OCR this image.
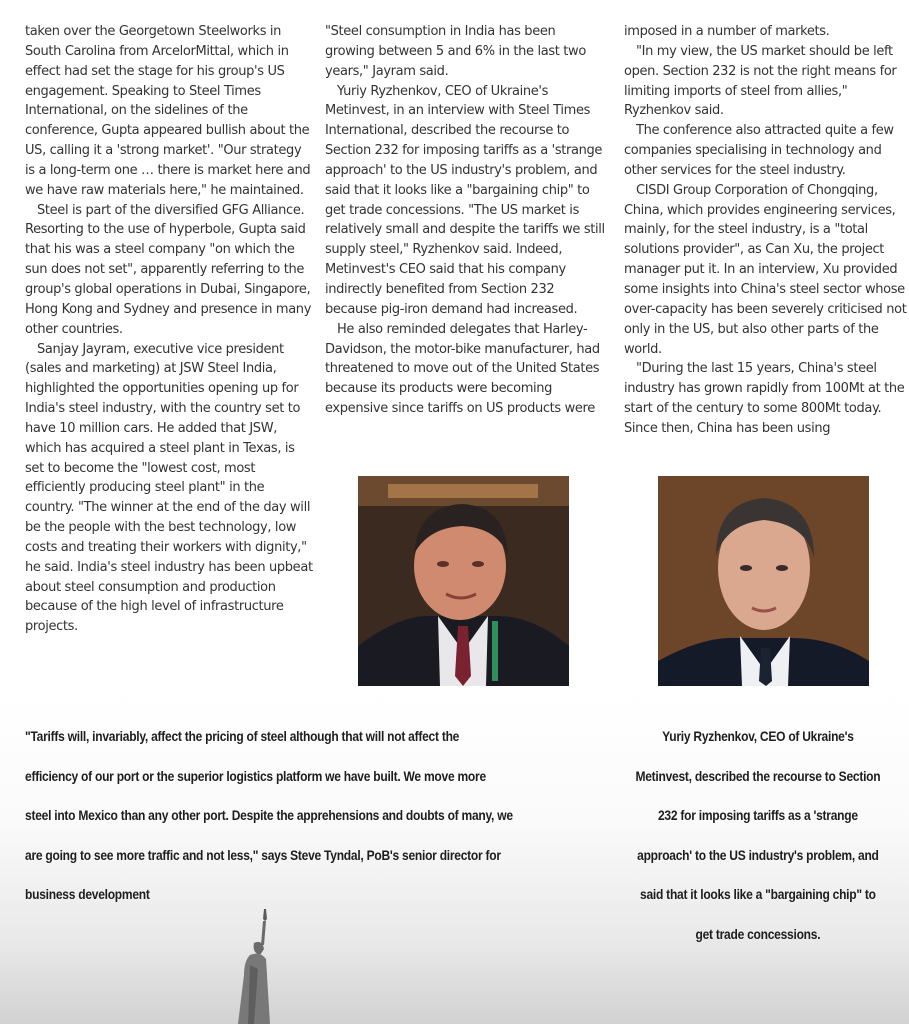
taken over the Georgetown Steelworks in South Carolina from ArcelorMittal, which in effect had set the stage for his group's US engagement. Speaking to Steel Times International, on the sidelines of the conference, Gupta appeared bullish about the US, calling it a 'strong market'. "Our strategy is a long-term one … there is market here and we have raw materials here," he maintained.

Steel is part of the diversified GFG Alliance. Resorting to the use of hyperbole, Gupta said that his was a steel company "on which the sun does not set", apparently referring to the group's global operations in Dubai, Singapore, Hong Kong and Sydney and presence in many other countries.

Sanjay Jayram, executive vice president (sales and marketing) at JSW Steel India, highlighted the opportunities opening up for India's steel industry, with the country set to have 10 million cars. He added that JSW, which has acquired a steel plant in Texas, is set to become the "lowest cost, most efficiently producing steel plant" in the country. "The winner at the end of the day will be the people with the best technology, low costs and treating their workers with dignity," he said. India's steel industry has been upbeat about steel consumption and production because of the high level of infrastructure projects.

"Steel consumption in India has been growing between 5 and 6% in the last two years," Jayram said.

Yuriy Ryzhenkov, CEO of Ukraine's Metinvest, in an interview with Steel Times International, described the recourse to Section 232 for imposing tariffs as a 'strange approach' to the US industry's problem, and said that it looks like a "bargaining chip" to get trade concessions. "The US market is relatively small and despite the tariffs we still supply steel," Ryzhenkov said. Indeed, Metinvest's CEO said that his company indirectly benefited from Section 232 because pig-iron demand had increased.

He also reminded delegates that Harley-Davidson, the motor-bike manufacturer, had threatened to move out of the United States because its products were becoming expensive since tariffs on US products were

imposed in a number of markets.

"In my view, the US market should be left open. Section 232 is not the right means for limiting imports of steel from allies," Ryzhenkov said.

The conference also attracted quite a few companies specialising in technology and other services for the steel industry.

CISDI Group Corporation of Chongqing, China, which provides engineering services, mainly, for the steel industry, is a "total solutions provider", as Can Xu, the project manager put it. In an interview, Xu provided some insights into China's steel sector whose over-capacity has been severely criticised not only in the US, but also other parts of the world.

"During the last 15 years, China's steel industry has grown rapidly from 100Mt at the start of the century to some 800Mt today. Since then, China has been using

"Tariffs will, invariably, affect the pricing of steel although that will not affect the
efficiency of our port or the superior logistics platform we have built. We move more
steel into Mexico than any other port. Despite the apprehensions and doubts of many, we
are going to see more traffic and not less," says Steve Tyndal, PoB's senior director for
business development
Yuriy Ryzhenkov, CEO of Ukraine's
Metinvest, described the recourse to Section
232 for imposing tariffs as a 'strange
approach' to the US industry's problem, and
said that it looks like a "bargaining chip" to
get trade concessions.
